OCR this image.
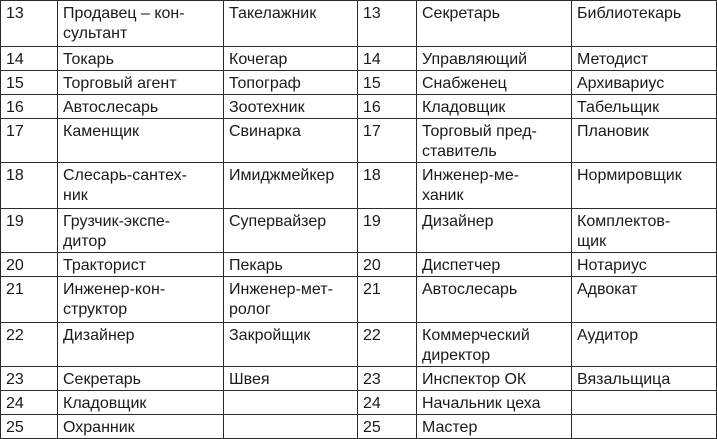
13	Продавец – кон-
сультант	Такелажник	13	Секретарь	Библиотекарь
14	Токарь	Кочегар	14	Управляющий	Методист
15	Торговый агент	Топограф	15	Снабженец	Архивариус
16	Автослесарь	Зоотехник	16	Кладовщик	Табельщик
17	Каменщик	Свинарка	17	Торговый пред-
ставитель	Плановик
18	Слесарь-сантех-
ник	Имиджмейкер	18	Инженер-ме-
ханик	Нормировщик
19	Грузчик-экспе-
дитор	Супервайзер	19	Дизайнер	Комплектов-
щик
20	Тракторист	Пекарь	20	Диспетчер	Нотариус
21	Инженер-кон-
структор	Инженер-мет-
ролог	21	Автослесарь	Адвокат
22	Дизайнер	Закройщик	22	Коммерческий
директор	Аудитор
23	Секретарь	Швея	23	Инспектор ОК	Вязальщица
24	Кладовщик		24	Начальник цеха	
25	Охранник		25	Мастер	
